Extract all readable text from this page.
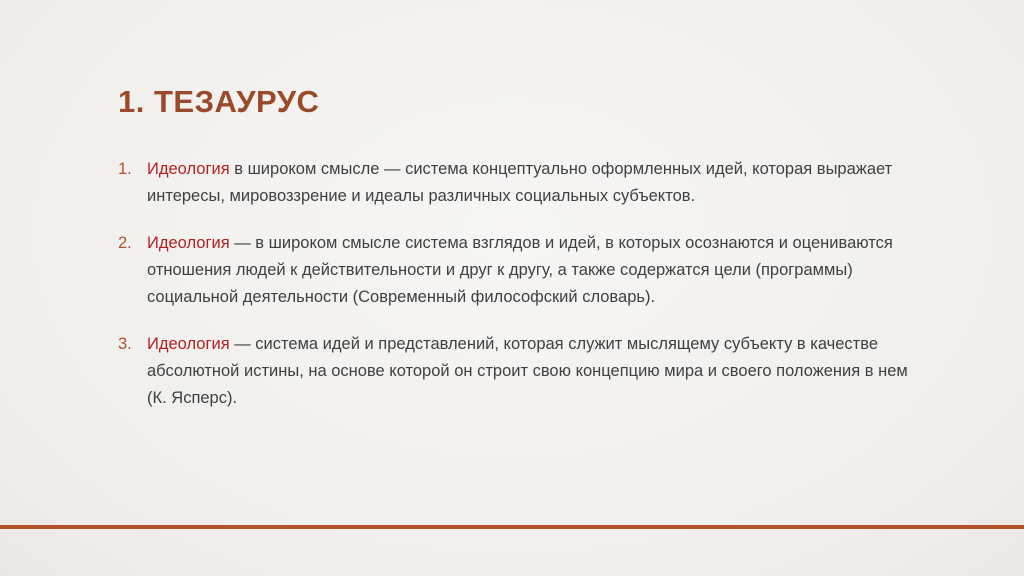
1. ТЕЗАУРУС
1. Идеология в широком смысле — система концептуально оформленных идей, которая выражает интересы, мировоззрение и идеалы различных социальных субъектов.
2. Идеология — в широком смысле система взглядов и идей, в которых осознаются и оцениваются отношения людей к действительности и друг к другу, а также содержатся цели (программы) социальной деятельности (Современный философский словарь).
3. Идеология — система идей и представлений, которая служит мыслящему субъекту в качестве абсолютной истины, на основе которой он строит свою концепцию мира и своего положения в нем (К. Ясперс).
